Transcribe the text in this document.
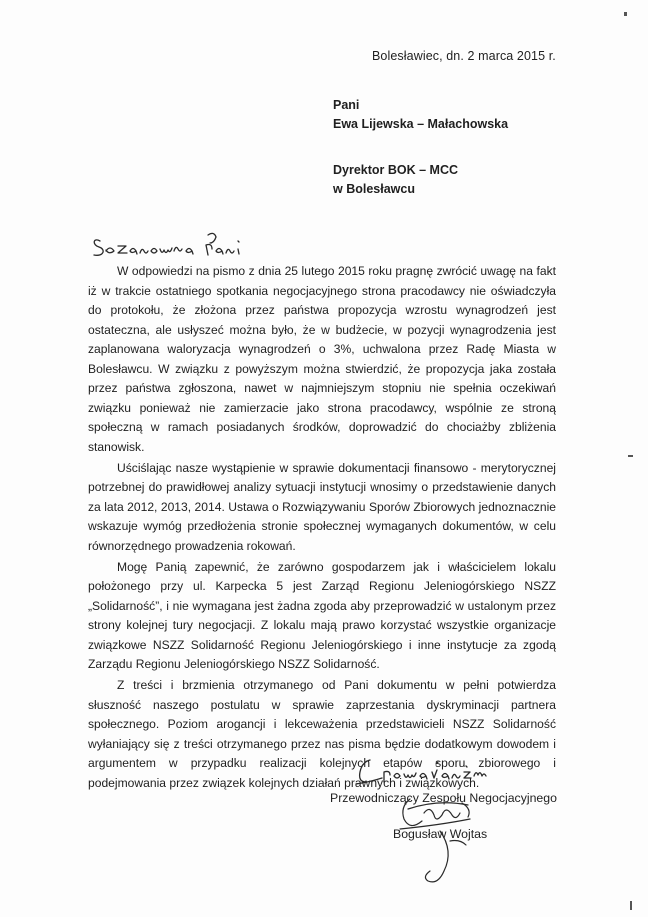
Bolesławiec, dn. 2 marca 2015 r.
Pani
Ewa Lijewska – Małachowska
Dyrektor BOK – MCC
w Bolesławcu

W odpowiedzi na pismo z dnia 25 lutego 2015 roku pragnę zwrócić uwagę na fakt iż w trakcie ostatniego spotkania negocjacyjnego strona pracodawcy nie oświadczyła do protokołu, że złożona przez państwa propozycja wzrostu wynagrodzeń jest ostateczna, ale usłyszeć można było, że w budżecie, w pozycji wynagrodzenia jest zaplanowana waloryzacja wynagrodzeń o 3%, uchwalona przez Radę Miasta w Bolesławcu. W związku z powyższym można stwierdzić, że propozycja jaka została przez państwa zgłoszona, nawet w najmniejszym stopniu nie spełnia oczekiwań związku ponieważ nie zamierzacie jako strona pracodawcy, wspólnie ze stroną społeczną w ramach posiadanych środków, doprowadzić do chociażby zbliżenia stanowisk.

Uściślając nasze wystąpienie w sprawie dokumentacji finansowo - merytorycznej potrzebnej do prawidłowej analizy sytuacji instytucji wnosimy o przedstawienie danych za lata 2012, 2013, 2014. Ustawa o Rozwiązywaniu Sporów Zbiorowych jednoznacznie wskazuje wymóg przedłożenia stronie społecznej wymaganych dokumentów, w celu równorzędnego prowadzenia rokowań.

Mogę Panią zapewnić, że zarówno gospodarzem jak i właścicielem lokalu położonego przy ul. Karpecka 5 jest Zarząd Regionu Jeleniogórskiego NSZZ „Solidarność”, i nie wymagana jest żadna zgoda aby przeprowadzić w ustalonym przez strony kolejnej tury negocjacji. Z lokalu mają prawo korzystać wszystkie organizacje związkowe NSZZ Solidarność Regionu Jeleniogórskiego i inne instytucje za zgodą Zarządu Regionu Jeleniogórskiego NSZZ Solidarność.

Z treści i brzmienia otrzymanego od Pani dokumentu w pełni potwierdza słuszność naszego postulatu w sprawie zaprzestania dyskryminacji partnera społecznego. Poziom arogancji i lekceważenia przedstawicieli NSZZ Solidarność wyłaniający się z treści otrzymanego przez nas pisma będzie dodatkowym dowodem i argumentem w przypadku realizacji kolejnych etapów sporu zbiorowego i podejmowania przez związek kolejnych działań prawnych i związkowych.

Przewodniczący Zespołu Negocjacyjnego
Bogusław Wojtas
